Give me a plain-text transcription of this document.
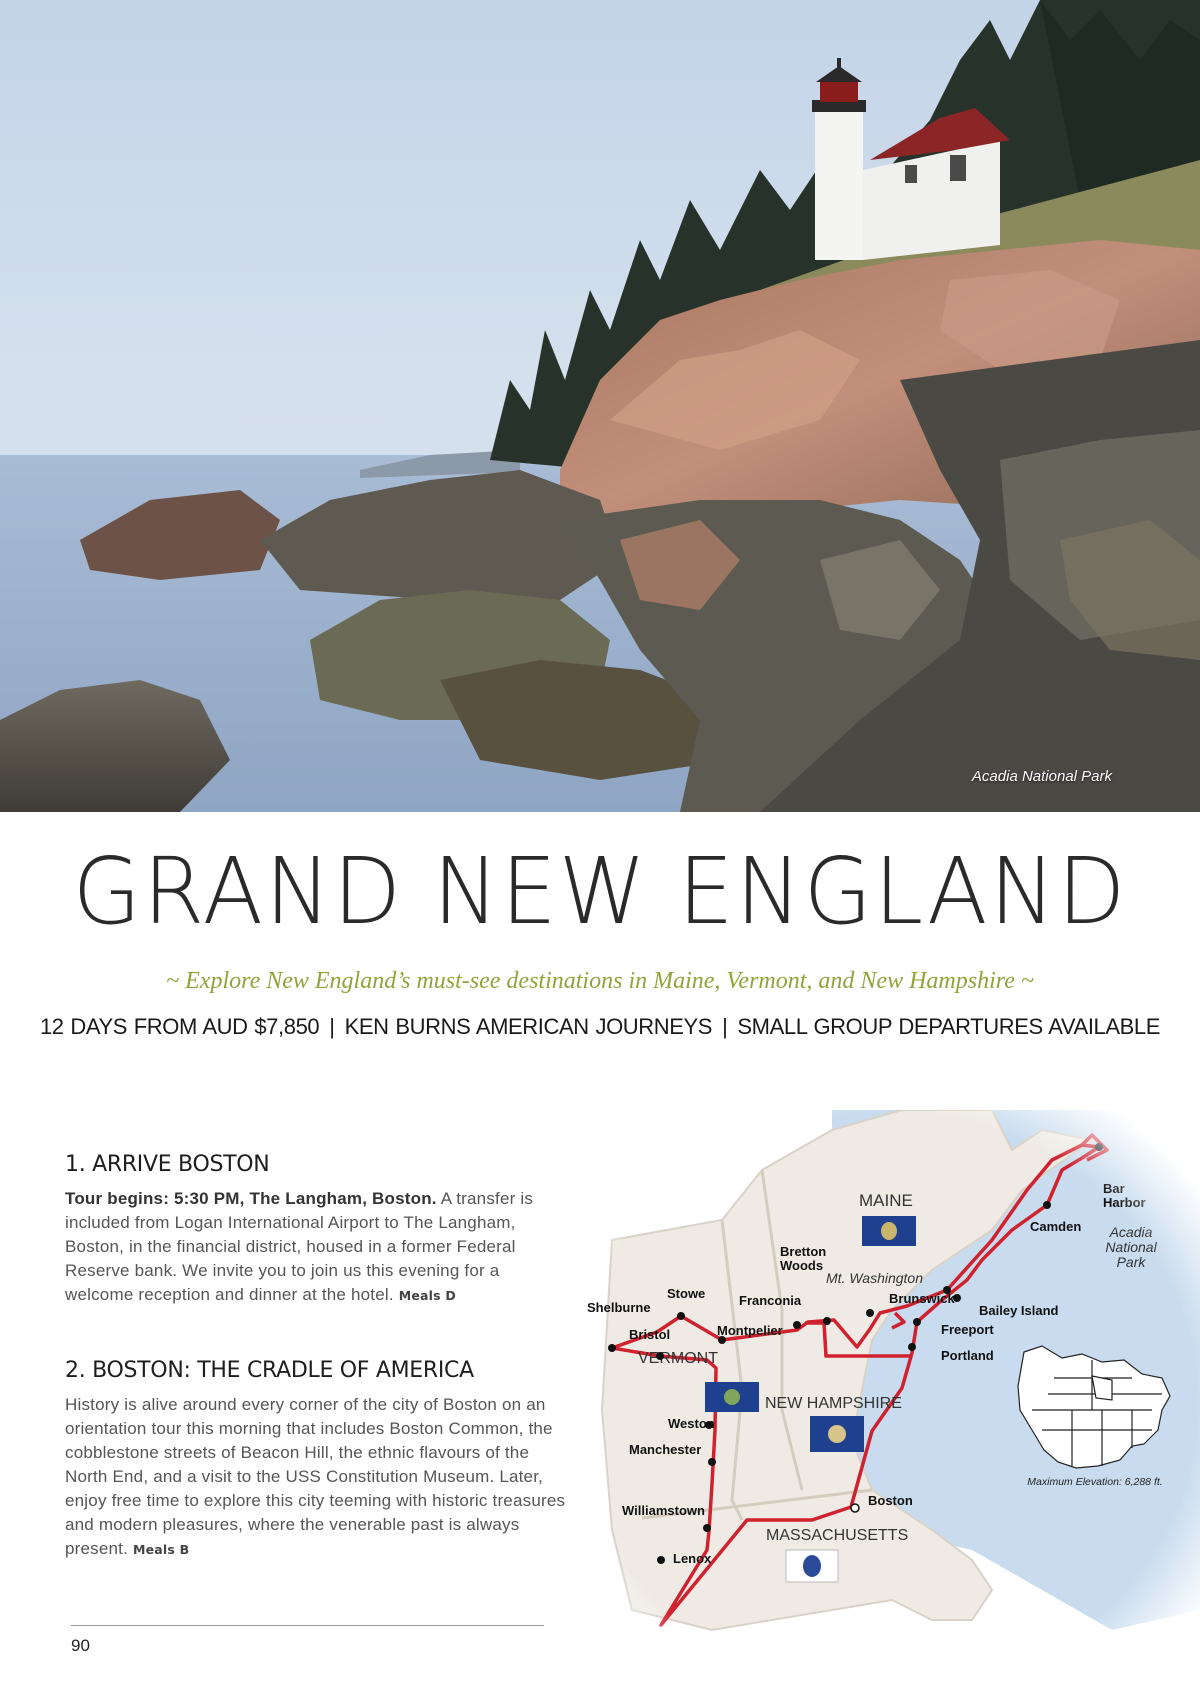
Acadia National Park
GRAND NEW ENGLAND
~ Explore New England’s must-see destinations in Maine, Vermont, and New Hampshire ~
12 DAYS FROM AUD $7,850 | KEN BURNS AMERICAN JOURNEYS | SMALL GROUP DEPARTURES AVAILABLE
1. ARRIVE BOSTON

Tour begins: 5:30 PM, The Langham, Boston. A transfer is included from Logan International Airport to The Langham, Boston, in the financial district, housed in a former Federal Reserve bank. We invite you to join us this evening for a welcome reception and dinner at the hotel. Meals D

2. BOSTON: THE CRADLE OF AMERICA

History is alive around every corner of the city of Boston on an orientation tour this morning that includes Boston Common, the cobblestone streets of Beacon Hill, the ethnic flavours of the North End, and a visit to the USS Constitution Museum. Later, enjoy free time to explore this city teeming with historic treasures and modern pleasures, where the venerable past is always present. Meals B

90
